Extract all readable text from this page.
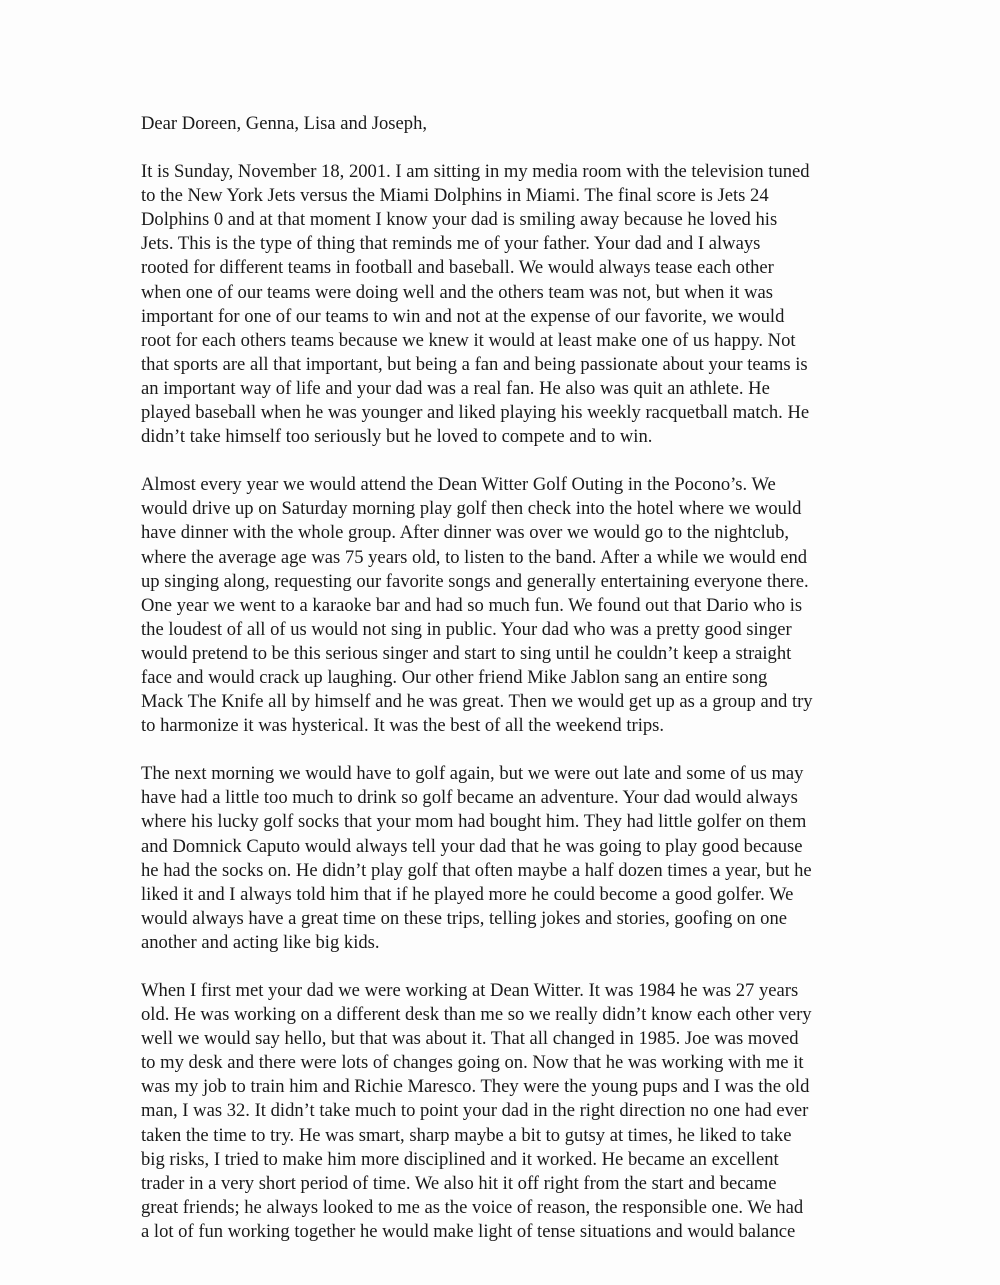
Dear Doreen, Genna, Lisa and Joseph,
It is Sunday, November 18, 2001. I am sitting in my media room with the television tuned
to the New York Jets versus the Miami Dolphins in Miami. The final score is Jets 24
Dolphins 0 and at that moment I know your dad is smiling away because he loved his
Jets. This is the type of thing that reminds me of your father. Your dad and I always
rooted for different teams in football and baseball. We would always tease each other
when one of our teams were doing well and the others team was not, but when it was
important for one of our teams to win and not at the expense of our favorite, we would
root for each others teams because we knew it would at least make one of us happy. Not
that sports are all that important, but being a fan and being passionate about your teams is
an important way of life and your dad was a real fan. He also was quit an athlete. He
played baseball when he was younger and liked playing his weekly racquetball match. He
didn’t take himself too seriously but he loved to compete and to win.
Almost every year we would attend the Dean Witter Golf Outing in the Pocono’s. We
would drive up on Saturday morning play golf then check into the hotel where we would
have dinner with the whole group. After dinner was over we would go to the nightclub,
where the average age was 75 years old, to listen to the band. After a while we would end
up singing along, requesting our favorite songs and generally entertaining everyone there.
One year we went to a karaoke bar and had so much fun. We found out that Dario who is
the loudest of all of us would not sing in public. Your dad who was a pretty good singer
would pretend to be this serious singer and start to sing until he couldn’t keep a straight
face and would crack up laughing. Our other friend Mike Jablon sang an entire song
Mack The Knife all by himself and he was great. Then we would get up as a group and try
to harmonize it was hysterical. It was the best of all the weekend trips.
The next morning we would have to golf again, but we were out late and some of us may
have had a little too much to drink so golf became an adventure. Your dad would always
where his lucky golf socks that your mom had bought him. They had little golfer on them
and Domnick Caputo would always tell your dad that he was going to play good because
he had the socks on. He didn’t play golf that often maybe a half dozen times a year, but he
liked it and I always told him that if he played more he could become a good golfer. We
would always have a great time on these trips, telling jokes and stories, goofing on one
another and acting like big kids.
When I first met your dad we were working at Dean Witter. It was 1984 he was 27 years
old. He was working on a different desk than me so we really didn’t know each other very
well we would say hello, but that was about it. That all changed in 1985. Joe was moved
to my desk and there were lots of changes going on. Now that he was working with me it
was my job to train him and Richie Maresco. They were the young pups and I was the old
man, I was 32. It didn’t take much to point your dad in the right direction no one had ever
taken the time to try. He was smart, sharp maybe a bit to gutsy at times, he liked to take
big risks, I tried to make him more disciplined and it worked. He became an excellent
trader in a very short period of time. We also hit it off right from the start and became
great friends; he always looked to me as the voice of reason, the responsible one. We had
a lot of fun working together he would make light of tense situations and would balance
